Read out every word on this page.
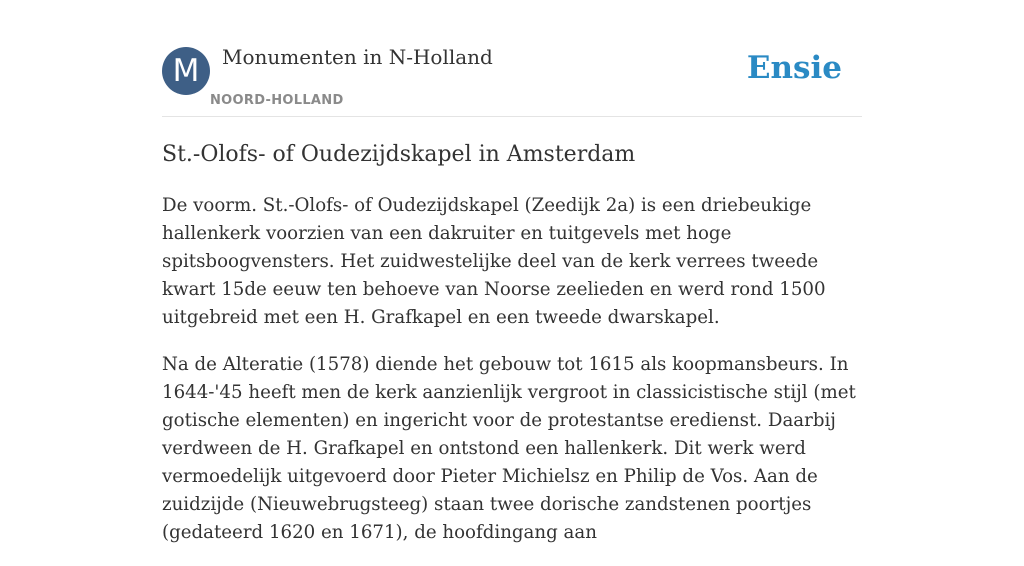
M	Monumenten in N-Holland
NOORD-HOLLAND
Ensie
St.-Olofs- of Oudezijdskapel in Amsterdam

De voorm. St.-Olofs- of Oudezijdskapel (Zeedijk 2a) is een driebeukige hallenkerk voorzien van een dakruiter en tuitgevels met hoge spitsboogvensters. Het zuidwestelijke deel van de kerk verrees tweede kwart 15de eeuw ten behoeve van Noorse zeelieden en werd rond 1500 uitgebreid met een H. Grafkapel en een tweede dwarskapel.

Na de Alteratie (1578) diende het gebouw tot 1615 als koopmansbeurs. In 1644-'45 heeft men de kerk aanzienlijk vergroot in classicistische stijl (met gotische elementen) en ingericht voor de protestantse eredienst. Daarbij verdween de H. Grafkapel en ontstond een hallenkerk. Dit werk werd vermoedelijk uitgevoerd door Pieter Michielsz en Philip de Vos. Aan de zuidzijde (Nieuwebrugsteeg) staan twee dorische zandstenen poortjes (gedateerd 1620 en 1671), de hoofdingang aan
